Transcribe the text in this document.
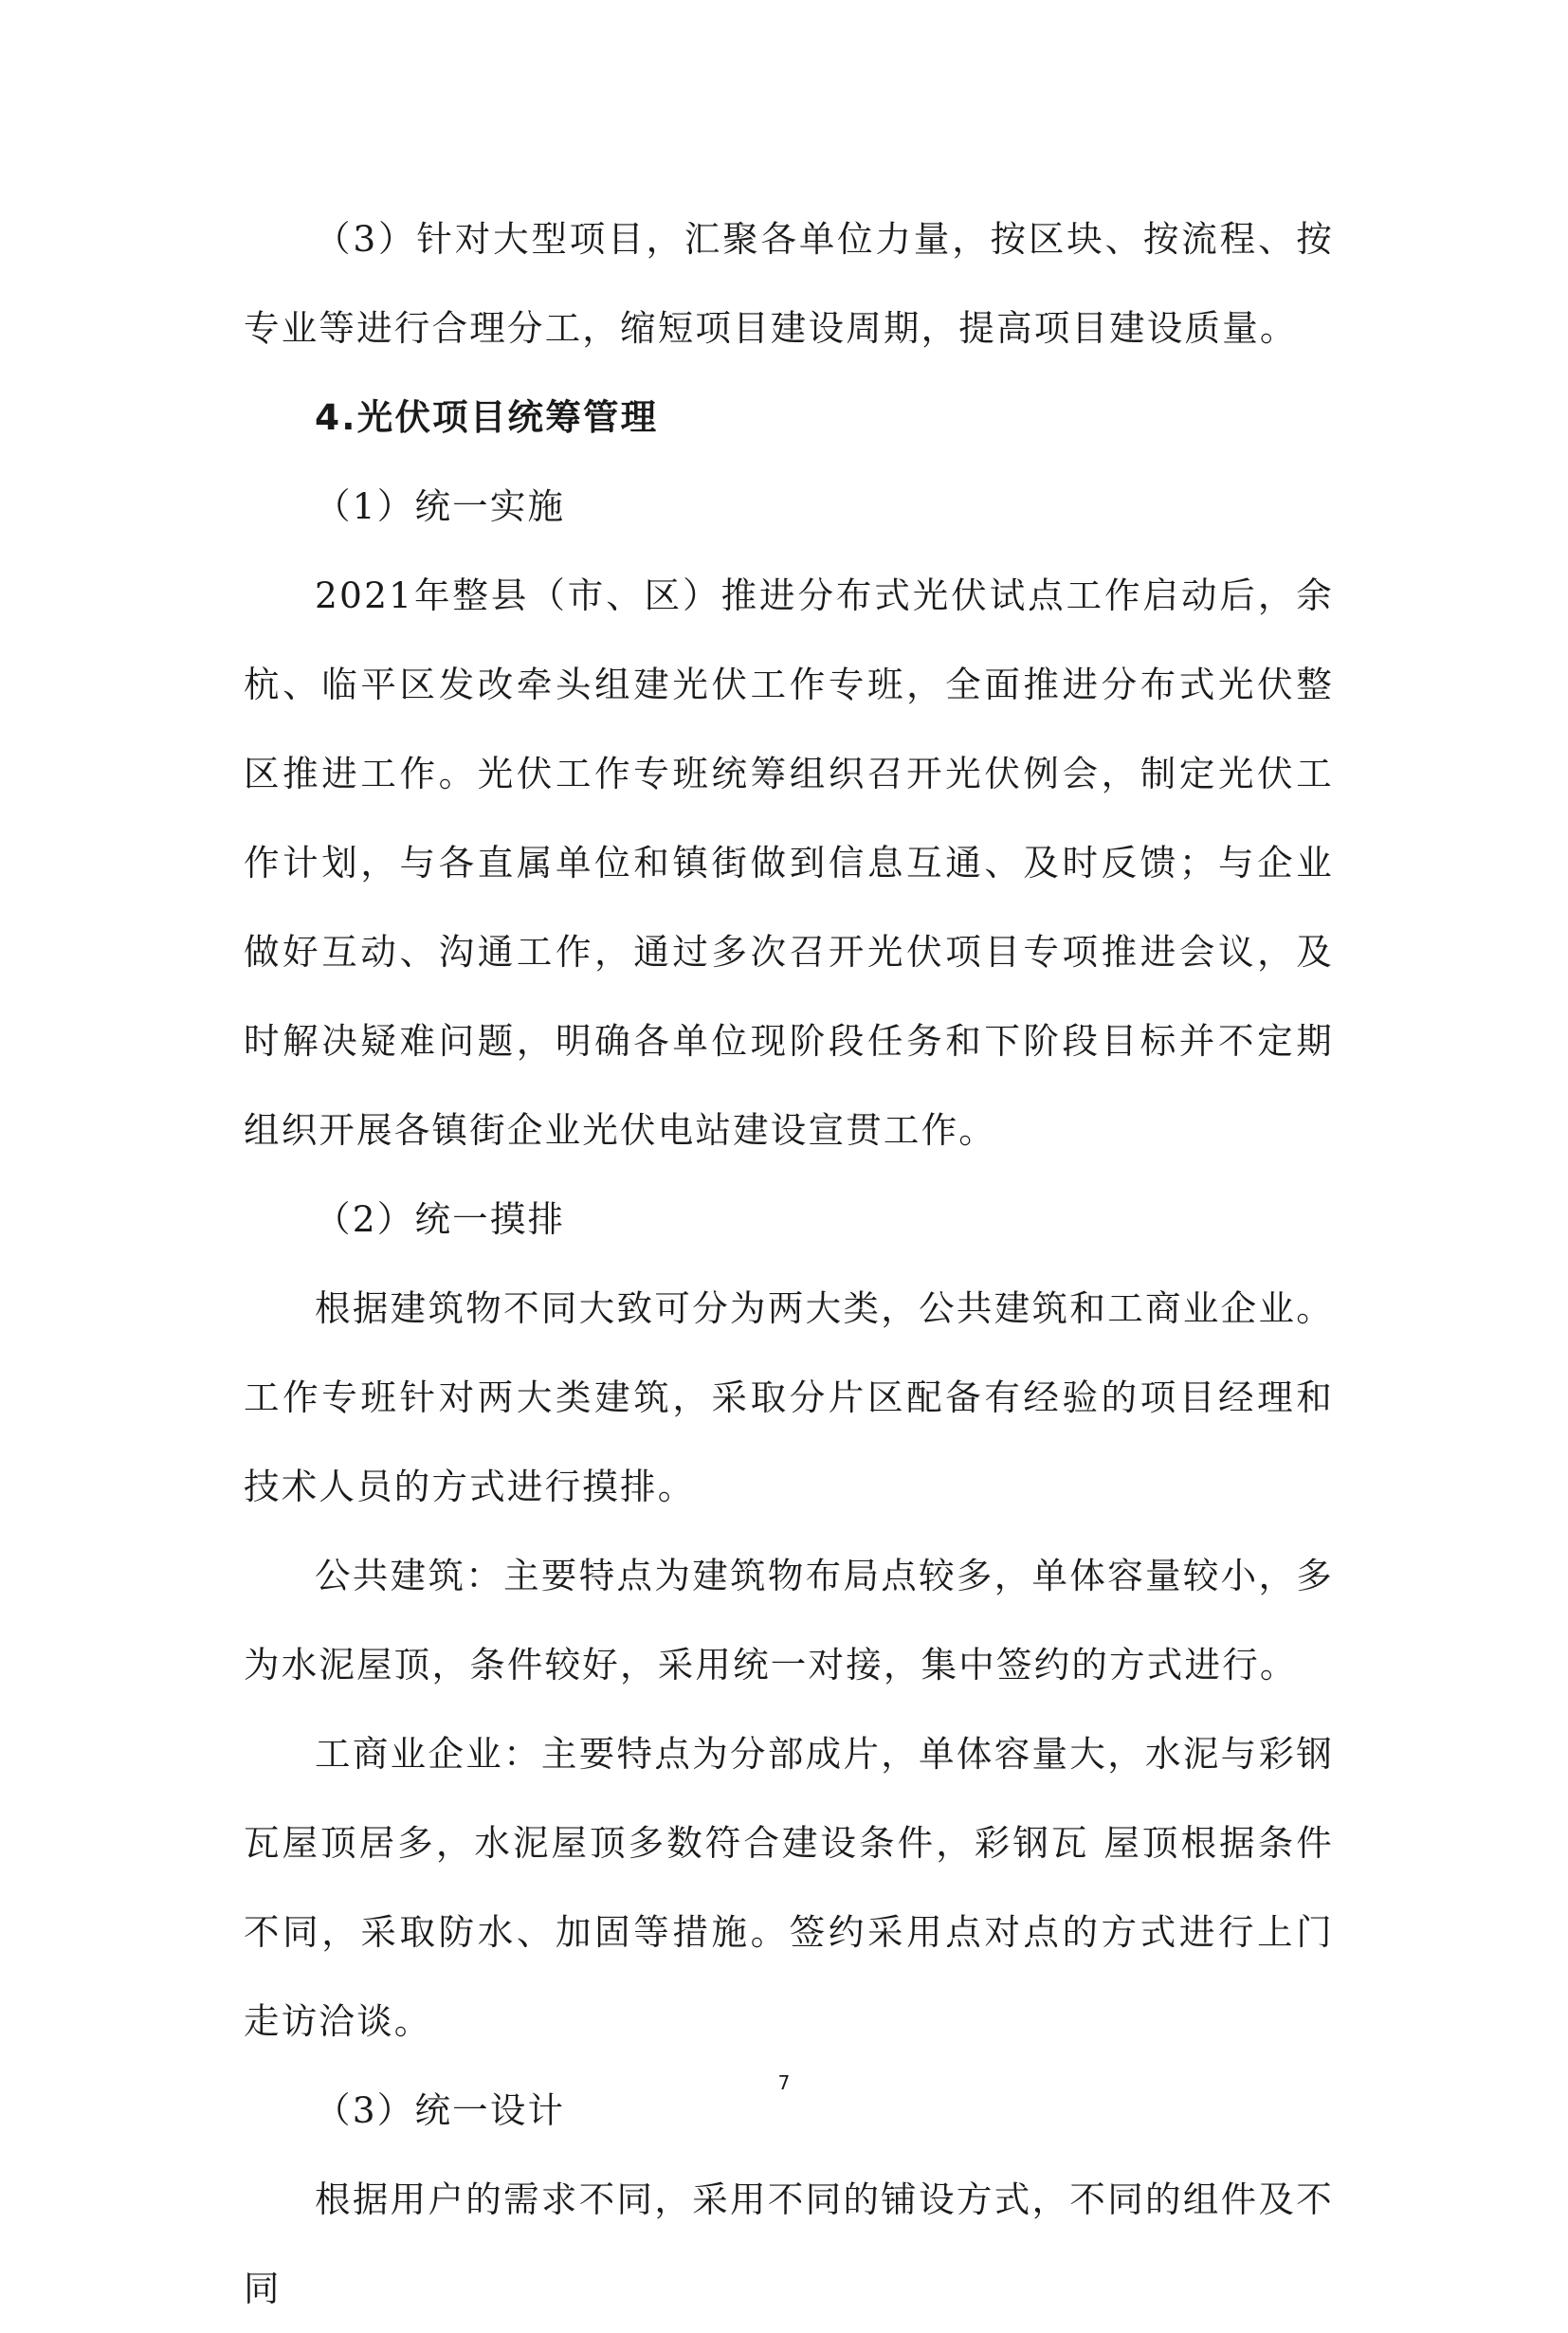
（3）针对大型项目，汇聚各单位力量，按区块、按流程、按专业等进行合理分工，缩短项目建设周期，提高项目建设质量。

4.光伏项目统筹管理

（1）统一实施

2021年整县（市、区）推进分布式光伏试点工作启动后，余杭、临平区发改牵头组建光伏工作专班，全面推进分布式光伏整区推进工作。光伏工作专班统筹组织召开光伏例会，制定光伏工作计划，与各直属单位和镇街做到信息互通、及时反馈；与企业做好互动、沟通工作，通过多次召开光伏项目专项推进会议，及时解决疑难问题，明确各单位现阶段任务和下阶段目标并不定期组织开展各镇街企业光伏电站建设宣贯工作。

（2）统一摸排

根据建筑物不同大致可分为两大类，公共建筑和工商业企业。工作专班针对两大类建筑，采取分片区配备有经验的项目经理和技术人员的方式进行摸排。

公共建筑：主要特点为建筑物布局点较多，单体容量较小，多为水泥屋顶，条件较好，采用统一对接，集中签约的方式进行。

工商业企业：主要特点为分部成片，单体容量大，水泥与彩钢瓦屋顶居多，水泥屋顶多数符合建设条件，彩钢瓦 屋顶根据条件不同，采取防水、加固等措施。签约采用点对点的方式进行上门走访洽谈。

（3）统一设计

根据用户的需求不同，采用不同的铺设方式，不同的组件及不同

7
